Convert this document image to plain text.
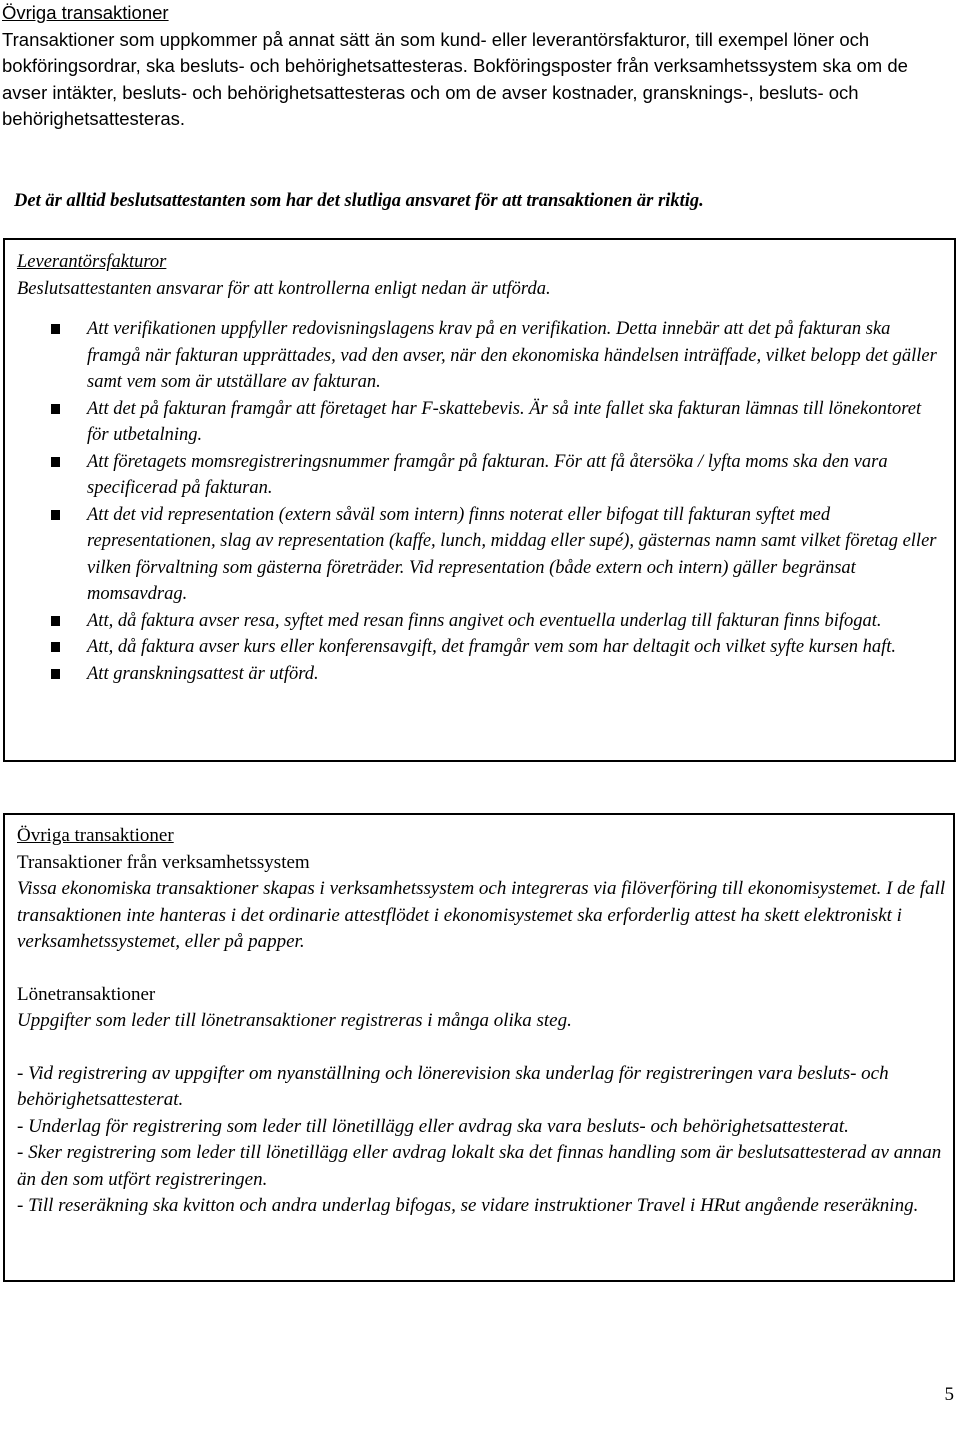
Övriga transaktioner

Transaktioner som uppkommer på annat sätt än som kund- eller leverantörsfakturor, till exempel löner och bokföringsordrar, ska besluts- och behörighetsattesteras. Bokföringsposter från verksamhetssystem ska om de avser intäkter, besluts- och behörighetsattesteras och om de avser kostnader, gransknings-, besluts- och behörighetsattesteras.

Det är alltid beslutsattestanten som har det slutliga ansvaret för att transaktionen är riktig.
Leverantörsfakturor
Beslutsattestanten ansvarar för att kontrollerna enligt nedan är utförda.
Att verifikationen uppfyller redovisningslagens krav på en verifikation. Detta innebär att det på fakturan ska framgå när fakturan upprättades, vad den avser, när den ekonomiska händelsen inträffade, vilket belopp det gäller samt vem som är utställare av fakturan.
Att det på fakturan framgår att företaget har F-skattebevis. Är så inte fallet ska fakturan lämnas till lönekontoret för utbetalning.
Att företagets momsregistreringsnummer framgår på fakturan. För att få återsöka / lyfta moms ska den vara specificerad på fakturan.
Att det vid representation (extern såväl som intern) finns noterat eller bifogat till fakturan syftet med representationen, slag av representation (kaffe, lunch, middag eller supé), gästernas namn samt vilket företag eller vilken förvaltning som gästerna företräder. Vid representation (både extern och intern) gäller begränsat momsavdrag.
Att, då faktura avser resa, syftet med resan finns angivet och eventuella underlag till fakturan finns bifogat.
Att, då faktura avser kurs eller konferensavgift, det framgår vem som har deltagit och vilket syfte kursen haft.
Att granskningsattest är utförd.

Övriga transaktioner

Transaktioner från verksamhetssystem

Vissa ekonomiska transaktioner skapas i verksamhetssystem och integreras via filöverföring till ekonomisystemet. I de fall transaktionen inte hanteras i det ordinarie attestflödet i ekonomisystemet ska erforderlig attest ha skett elektroniskt i verksamhetssystemet, eller på papper.

Lönetransaktioner

Uppgifter som leder till lönetransaktioner registreras i många olika steg.

- Vid registrering av uppgifter om nyanställning och lönerevision ska underlag för registreringen vara besluts- och behörighetsattesterat.

- Underlag för registrering som leder till lönetillägg eller avdrag ska vara besluts- och behörighetsattesterat.

- Sker registrering som leder till lönetillägg eller avdrag lokalt ska det finnas handling som är beslutsattesterad av annan än den som utfört registreringen.

- Till reseräkning ska kvitton och andra underlag bifogas, se vidare instruktioner Travel i HRut angående reseräkning.

5
